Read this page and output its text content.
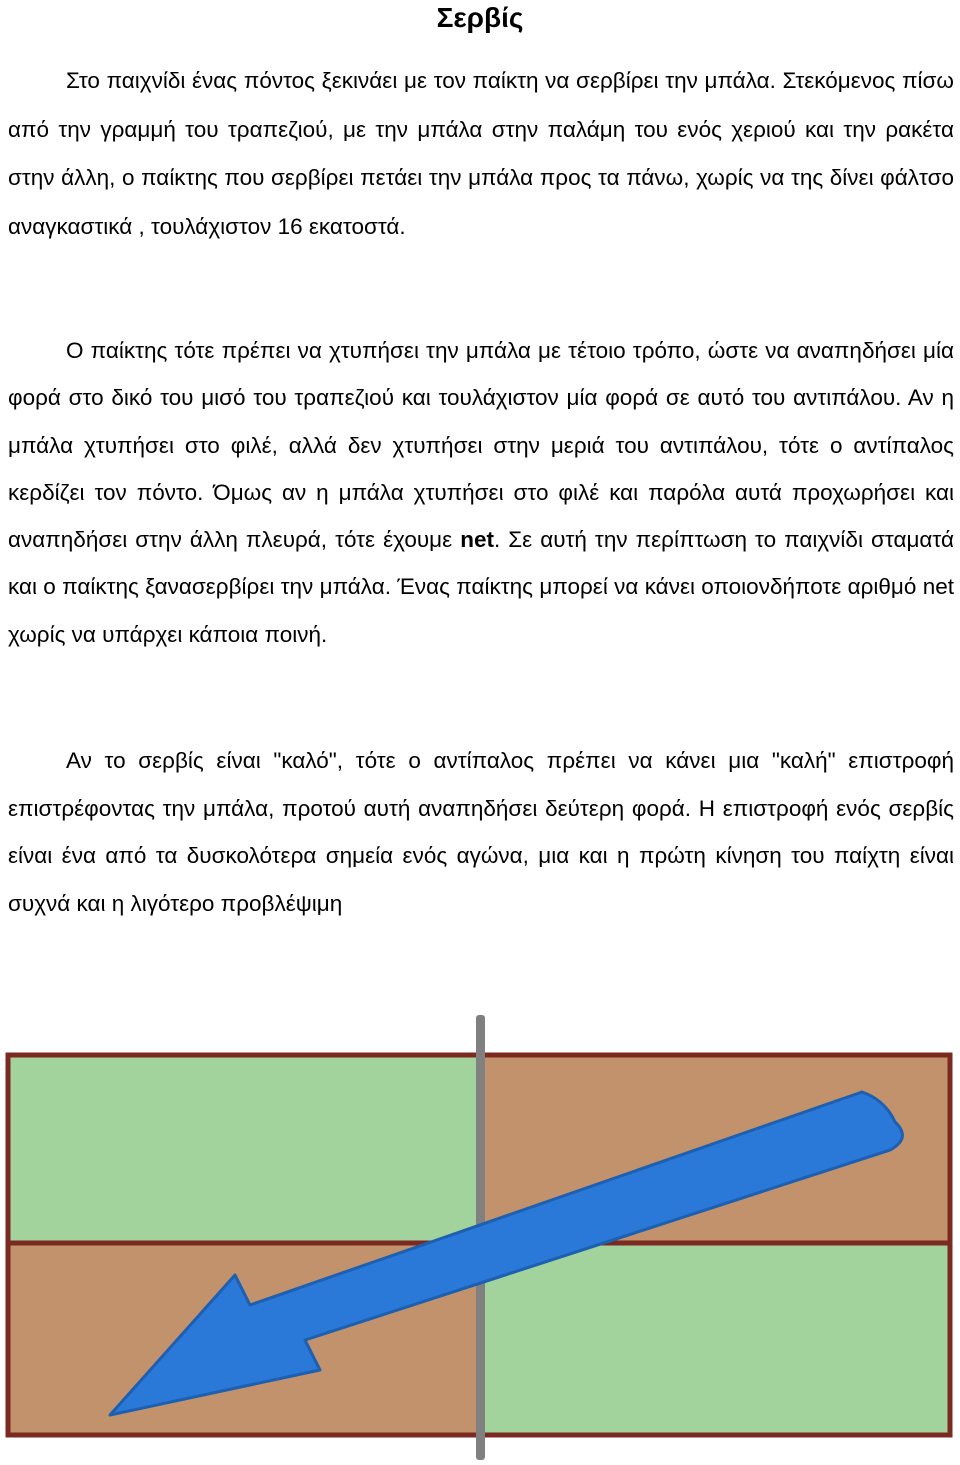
Σερβίς

Στο παιχνίδι ένας πόντος ξεκινάει με τον παίκτη να σερβίρει την μπάλα. Στεκόμενος πίσω από την γραμμή του τραπεζιού, με την μπάλα στην παλάμη του ενός χεριού και την ρακέτα στην άλλη, ο παίκτης που σερβίρει πετάει την μπάλα προς τα πάνω, χωρίς να της δίνει φάλτσο αναγκαστικά , τουλάχιστον 16 εκατοστά.

Ο παίκτης τότε πρέπει να χτυπήσει την μπάλα με τέτοιο τρόπο, ώστε να αναπηδήσει μία φορά στο δικό του μισό του τραπεζιού και τουλάχιστον μία φορά σε αυτό του αντιπάλου. Αν η μπάλα χτυπήσει στο φιλέ, αλλά δεν χτυπήσει στην μεριά του αντιπάλου, τότε ο αντίπαλος κερδίζει τον πόντο. Όμως αν η μπάλα χτυπήσει στο φιλέ και παρόλα αυτά προχωρήσει και αναπηδήσει στην άλλη πλευρά, τότε έχουμε net. Σε αυτή την περίπτωση το παιχνίδι σταματά και ο παίκτης ξανασερβίρει την μπάλα. Ένας παίκτης μπορεί να κάνει οποιονδήποτε αριθμό net χωρίς να υπάρχει κάποια ποινή.

Αν το σερβίς είναι "καλό", τότε ο αντίπαλος πρέπει να κάνει μια "καλή" επιστροφή επιστρέφοντας την μπάλα, προτού αυτή αναπηδήσει δεύτερη φορά. Η επιστροφή ενός σερβίς είναι ένα από τα δυσκολότερα σημεία ενός αγώνα, μια και η πρώτη κίνηση του παίχτη είναι συχνά και η λιγότερο προβλέψιμη
